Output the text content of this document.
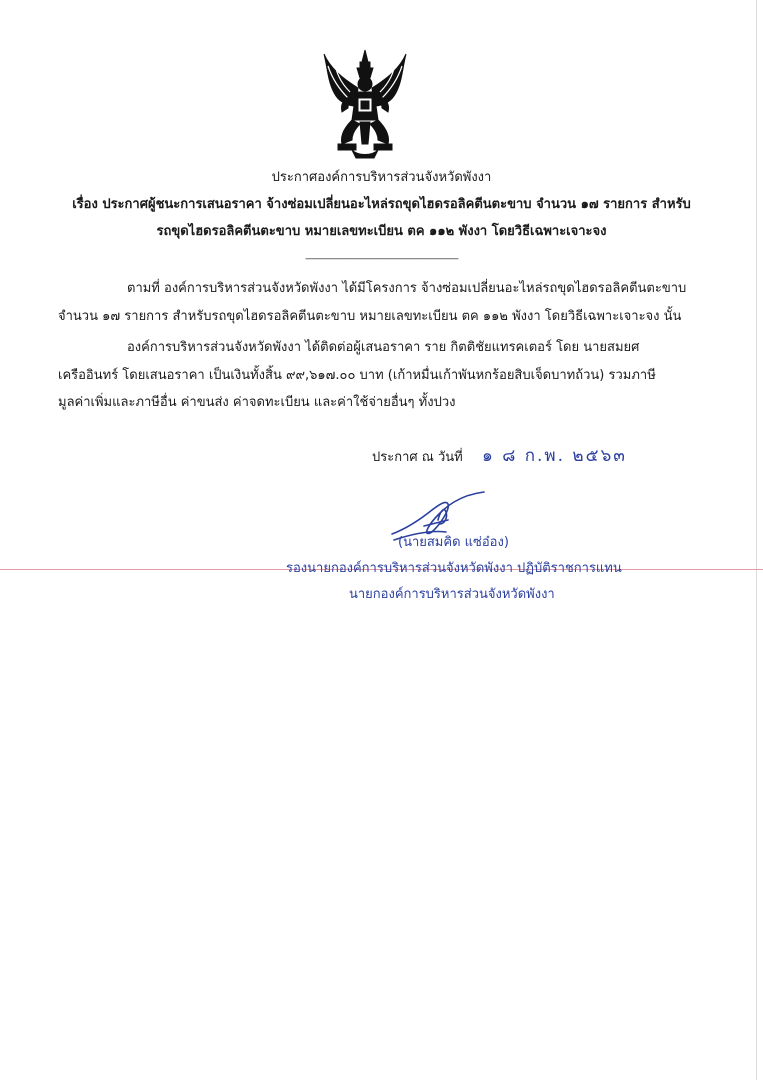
ประกาศองค์การบริหารส่วนจังหวัดพังงา
เรื่อง ประกาศผู้ชนะการเสนอราคา จ้างซ่อมเปลี่ยนอะไหล่รถขุดไฮดรอลิคตีนตะขาบ จำนวน ๑๗ รายการ สำหรับ
รถขุดไฮดรอลิคตีนตะขาบ หมายเลขทะเบียน ตค ๑๑๒ พังงา โดยวิธีเฉพาะเจาะจง
--------------------------------------------------------------------
ตามที่ องค์การบริหารส่วนจังหวัดพังงา ได้มีโครงการ จ้างซ่อมเปลี่ยนอะไหล่รถขุดไฮดรอลิคตีนตะขาบ
จำนวน ๑๗ รายการ สำหรับรถขุดไฮดรอลิคตีนตะขาบ หมายเลขทะเบียน ตค ๑๑๒ พังงา โดยวิธีเฉพาะเจาะจง นั้น
องค์การบริหารส่วนจังหวัดพังงา ได้ติดต่อผู้เสนอราคา ราย กิตติชัยแทรคเตอร์ โดย นายสมยศ
เครืออินทร์ โดยเสนอราคา เป็นเงินทั้งสิ้น ๙๙,๖๑๗.๐๐ บาท (เก้าหมื่นเก้าพันหกร้อยสิบเจ็ดบาทถ้วน) รวมภาษี
มูลค่าเพิ่มและภาษีอื่น ค่าขนส่ง ค่าจดทะเบียน และค่าใช้จ่ายอื่นๆ ทั้งปวง
ประกาศ ณ วันที่ ๑ ๘ ก.พ. ๒๕๖๓
(นายสมคิด แซ่อ๋อง)
รองนายกองค์การบริหารส่วนจังหวัดพังงา ปฏิบัติราชการแทน
นายกองค์การบริหารส่วนจังหวัดพังงา
